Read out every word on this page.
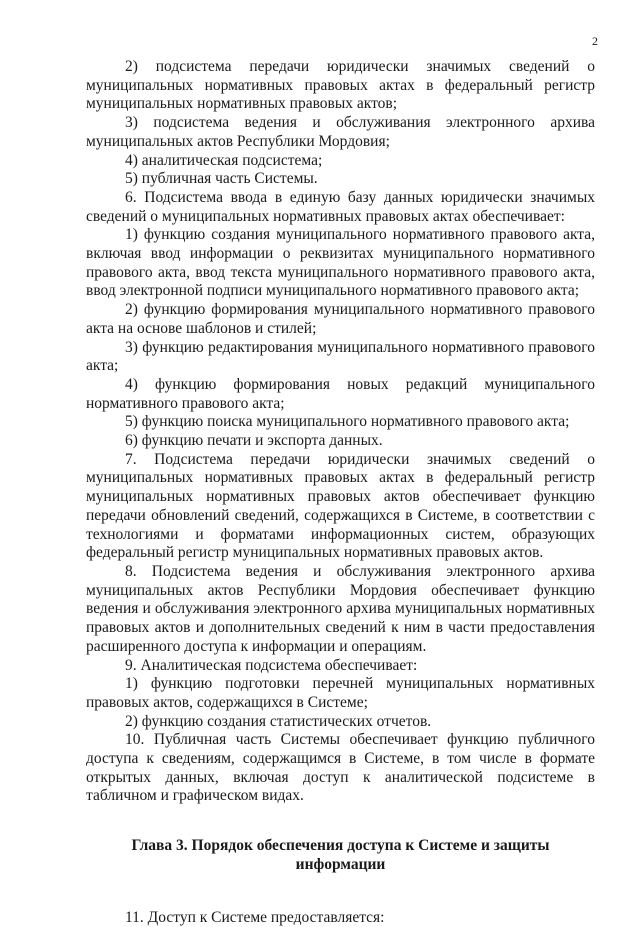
2

2) подсистема передачи юридически значимых сведений о муниципальных нормативных правовых актах в федеральный регистр муниципальных нормативных правовых актов;

3) подсистема ведения и обслуживания электронного архива муниципальных актов Республики Мордовия;

4) аналитическая подсистема;

5) публичная часть Системы.

6. Подсистема ввода в единую базу данных юридически значимых сведений о муниципальных нормативных правовых актах обеспечивает:

1) функцию создания муниципального нормативного правового акта, включая ввод информации о реквизитах муниципального нормативного правового акта, ввод текста муниципального нормативного правового акта, ввод электронной подписи муниципального нормативного правового акта;

2) функцию формирования муниципального нормативного правового акта на основе шаблонов и стилей;

3) функцию редактирования муниципального нормативного правового акта;

4) функцию формирования новых редакций муниципального нормативного правового акта;

5) функцию поиска муниципального нормативного правового акта;

6) функцию печати и экспорта данных.

7. Подсистема передачи юридически значимых сведений о муниципальных нормативных правовых актах в федеральный регистр муниципальных нормативных правовых актов обеспечивает функцию передачи обновлений сведений, содержащихся в Системе, в соответствии с технологиями и форматами информационных систем, образующих федеральный регистр муниципальных нормативных правовых актов.

8. Подсистема ведения и обслуживания электронного архива муниципальных актов Республики Мордовия обеспечивает функцию ведения и обслуживания электронного архива муниципальных нормативных правовых актов и дополнительных сведений к ним в части предоставления расширенного доступа к информации и операциям.

9. Аналитическая подсистема обеспечивает:

1) функцию подготовки перечней муниципальных нормативных правовых актов, содержащихся в Системе;

2) функцию создания статистических отчетов.

10. Публичная часть Системы обеспечивает функцию публичного доступа к сведениям, содержащимся в Системе, в том числе в формате открытых данных, включая доступ к аналитической подсистеме в табличном и графическом видах.

Глава 3. Порядок обеспечения доступа к Системе и защиты информации

11. Доступ к Системе предоставляется:
